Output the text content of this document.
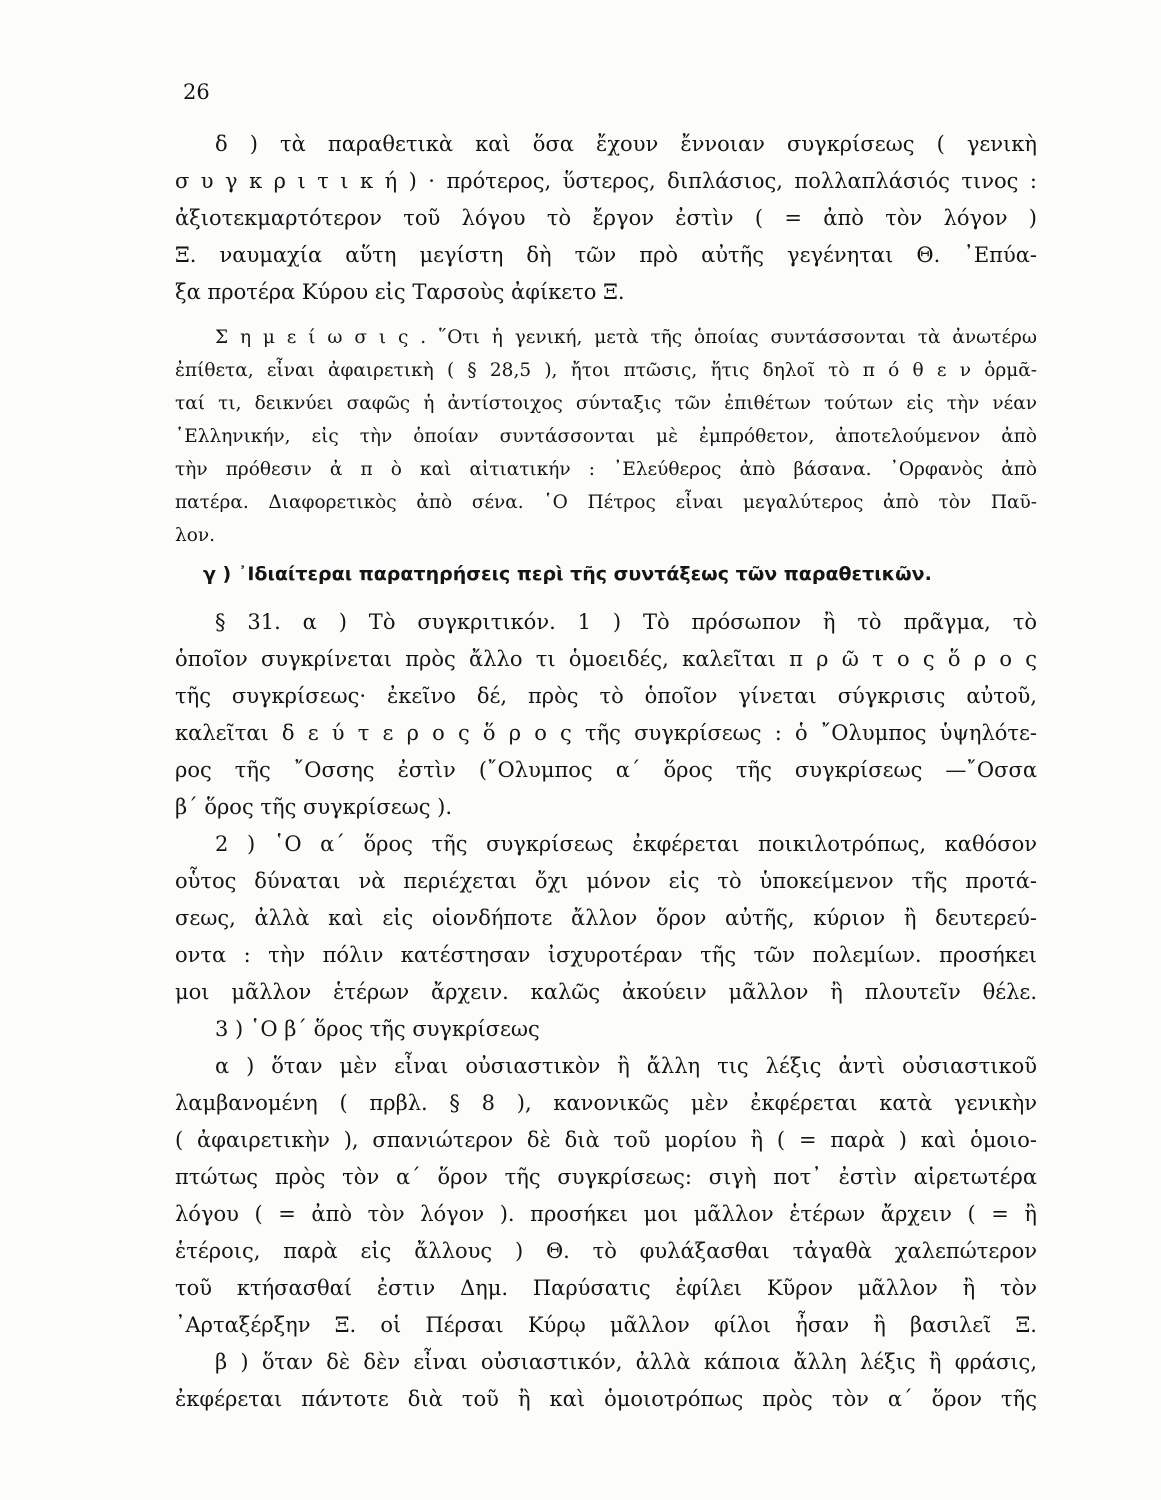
26

δ ) τὰ παραθετικὰ καὶ ὅσα ἔχουν ἔννοιαν συγκρίσεως ( γενικὴ
σ υ γ κ ρ ι τ ι κ ή ) · πρότερος, ὕστερος, διπλάσιος, πολλαπλάσιός τινος :
ἀξιοτεκμαρτότερον τοῦ λόγου τὸ ἔργον ἐστὶν ( = ἀπὸ τὸν λόγον )
Ξ. ναυμαχία αὕτη μεγίστη δὴ τῶν πρὸ αὐτῆς γεγένηται Θ. ᾿Επύα-
ξα προτέρα Κύρου εἰς Ταρσοὺς ἀφίκετο Ξ.

Σ η μ ε ί ω σ ι ς . ῞Οτι ἡ γενική, μετὰ τῆς ὁποίας συντάσσονται τὰ ἀνωτέρω
ἐπίθετα, εἶναι ἀφαιρετικὴ ( § 28,5 ), ἤτοι πτῶσις, ἥτις δηλοῖ τὸ π ό θ ε ν ὁρμᾶ-
ταί τι, δεικνύει σαφῶς ἡ ἀντίστοιχος σύνταξις τῶν ἐπιθέτων τούτων εἰς τὴν νέαν
῾Ελληνικήν, εἰς τὴν ὁποίαν συντάσσονται μὲ ἐμπρόθετον, ἀποτελούμενον ἀπὸ
τὴν πρόθεσιν ἀ π ὸ καὶ αἰτιατικήν : ᾿Ελεύθερος ἀπὸ βάσανα. ᾿Ορφανὸς ἀπὸ
πατέρα. Διαφορετικὸς ἀπὸ σένα. ῾Ο Πέτρος εἶναι μεγαλύτερος ἀπὸ τὸν Παῦ-
λον.

γ ) ᾿Ιδιαίτεραι παρατηρήσεις περὶ τῆς συντάξεως τῶν παραθετικῶν.

§ 31. α ) Τὸ συγκριτικόν. 1 ) Τὸ πρόσωπον ἢ τὸ πρᾶγμα, τὸ
ὁποῖον συγκρίνεται πρὸς ἄλλο τι ὁμοειδές, καλεῖται π ρ ῶ τ ο ς ὅ ρ ο ς
τῆς συγκρίσεως· ἐκεῖνο δέ, πρὸς τὸ ὁποῖον γίνεται σύγκρισις αὐτοῦ,
καλεῖται δ ε ύ τ ε ρ ο ς ὅ ρ ο ς τῆς συγκρίσεως : ὁ ῎Ολυμπος ὑψηλότε-
ρος τῆς ῎Οσσης ἐστὶν (῎Ολυμπος α΄ ὅρος τῆς συγκρίσεως —῎Οσσα
β΄ ὅρος τῆς συγκρίσεως ).

2 ) ῾Ο α΄ ὅρος τῆς συγκρίσεως ἐκφέρεται ποικιλοτρόπως, καθόσον
οὗτος δύναται νὰ περιέχεται ὄχι μόνον εἰς τὸ ὑποκείμενον τῆς προτά-
σεως, ἀλλὰ καὶ εἰς οἱονδήποτε ἄλλον ὅρον αὐτῆς, κύριον ἢ δευτερεύ-
οντα : τὴν πόλιν κατέστησαν ἰσχυροτέραν τῆς τῶν πολεμίων. προσήκει
μοι μᾶλλον ἑτέρων ἄρχειν. καλῶς ἀκούειν μᾶλλον ἢ πλουτεῖν θέλε.

3 ) ῾Ο β΄ ὅρος τῆς συγκρίσεως

α ) ὅταν μὲν εἶναι οὐσιαστικὸν ἢ ἄλλη τις λέξις ἀντὶ οὐσιαστικοῦ
λαμβανομένη ( πρβλ. § 8 ), κανονικῶς μὲν ἐκφέρεται κατὰ γενικὴν
( ἀφαιρετικὴν ), σπανιώτερον δὲ διὰ τοῦ μορίου ἢ ( = παρὰ ) καὶ ὁμοιο-
πτώτως πρὸς τὸν α΄ ὅρον τῆς συγκρίσεως: σιγὴ ποτ᾿ ἐστὶν αἱρετωτέρα
λόγου ( = ἀπὸ τὸν λόγον ). προσήκει μοι μᾶλλον ἑτέρων ἄρχειν ( = ἢ
ἑτέροις, παρὰ εἰς ἄλλους ) Θ. τὸ φυλάξασθαι τἀγαθὰ χαλεπώτερον
τοῦ κτήσασθαί ἐστιν Δημ. Παρύσατις ἐφίλει Κῦρον μᾶλλον ἢ τὸν
᾿Αρταξέρξην Ξ. οἱ Πέρσαι Κύρῳ μᾶλλον φίλοι ἦσαν ἢ βασιλεῖ Ξ.

β ) ὅταν δὲ δὲν εἶναι οὐσιαστικόν, ἀλλὰ κάποια ἄλλη λέξις ἢ φράσις,
ἐκφέρεται πάντοτε διὰ τοῦ ἢ καὶ ὁμοιοτρόπως πρὸς τὸν α΄ ὅρον τῆς
